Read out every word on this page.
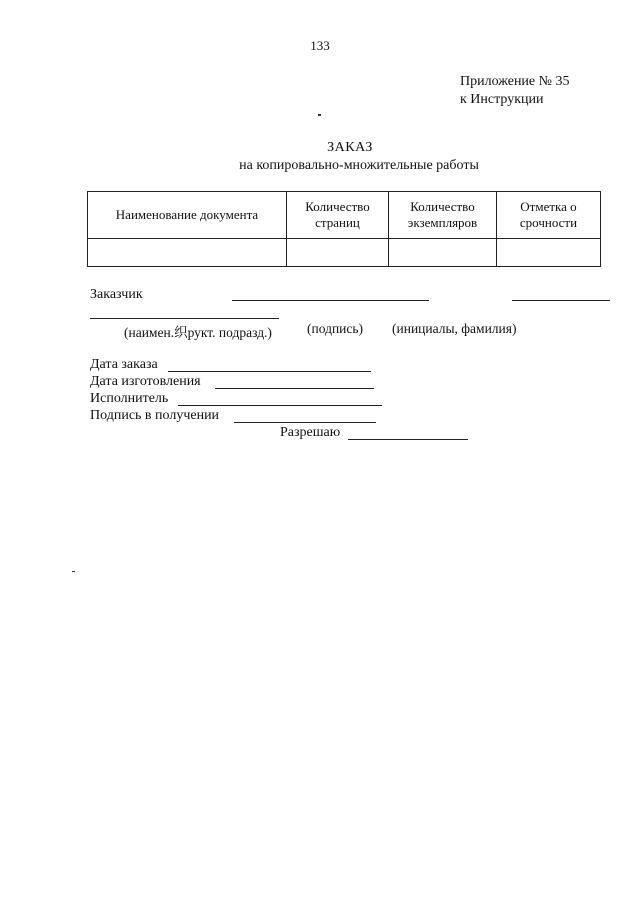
133
Приложение № 35
к Инструкции
ЗАКАЗ
на копировально-множительные работы
Наименование документа	Количество страниц	Количество экземпляров	Отметка о срочности

Заказчик
(наимен.织рукт. подразд.)	(подпись) (инициалы, фамилия)
Дата заказа
Дата изготовления
Исполнитель
Подпись в получении
Разрешаю
